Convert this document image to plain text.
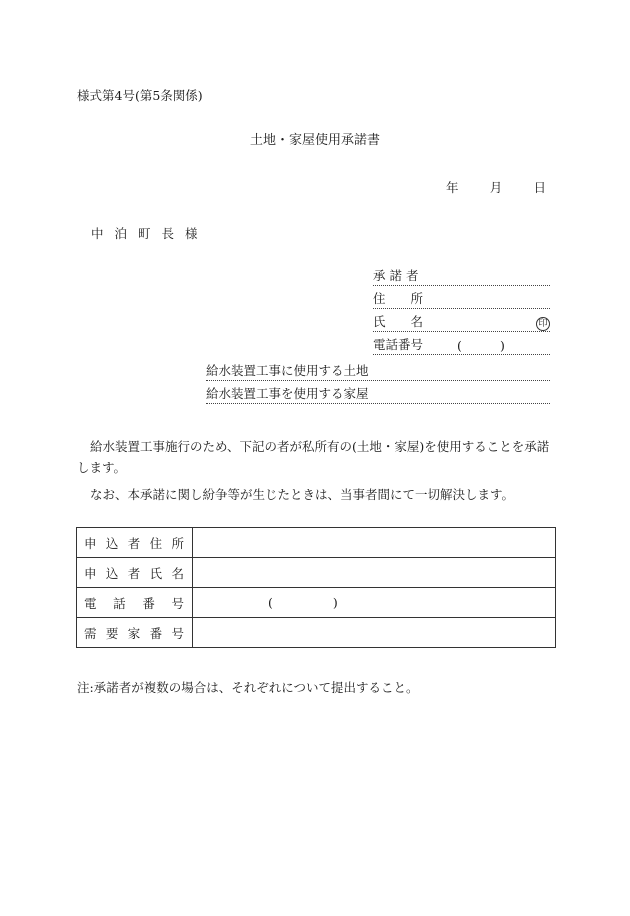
様式第4号(第5条関係)
土地・家屋使用承諾書
年 月 日
中泊町長様
承諾者
住所
氏名	印
電話番号	(	)
給水装置工事に使用する土地
給水装置工事を使用する家屋
給水装置工事施行のため、下記の者が私所有の(土地・家屋)を使用することを承諾します。
なお、本承諾に関し紛争等が生じたときは、当事者間にて一切解決します。
申 込 者 住 所	

申 込 者 氏 名	

電 話 番 号	( )

需 要 家 番 号	

注:承諾者が複数の場合は、それぞれについて提出すること。
